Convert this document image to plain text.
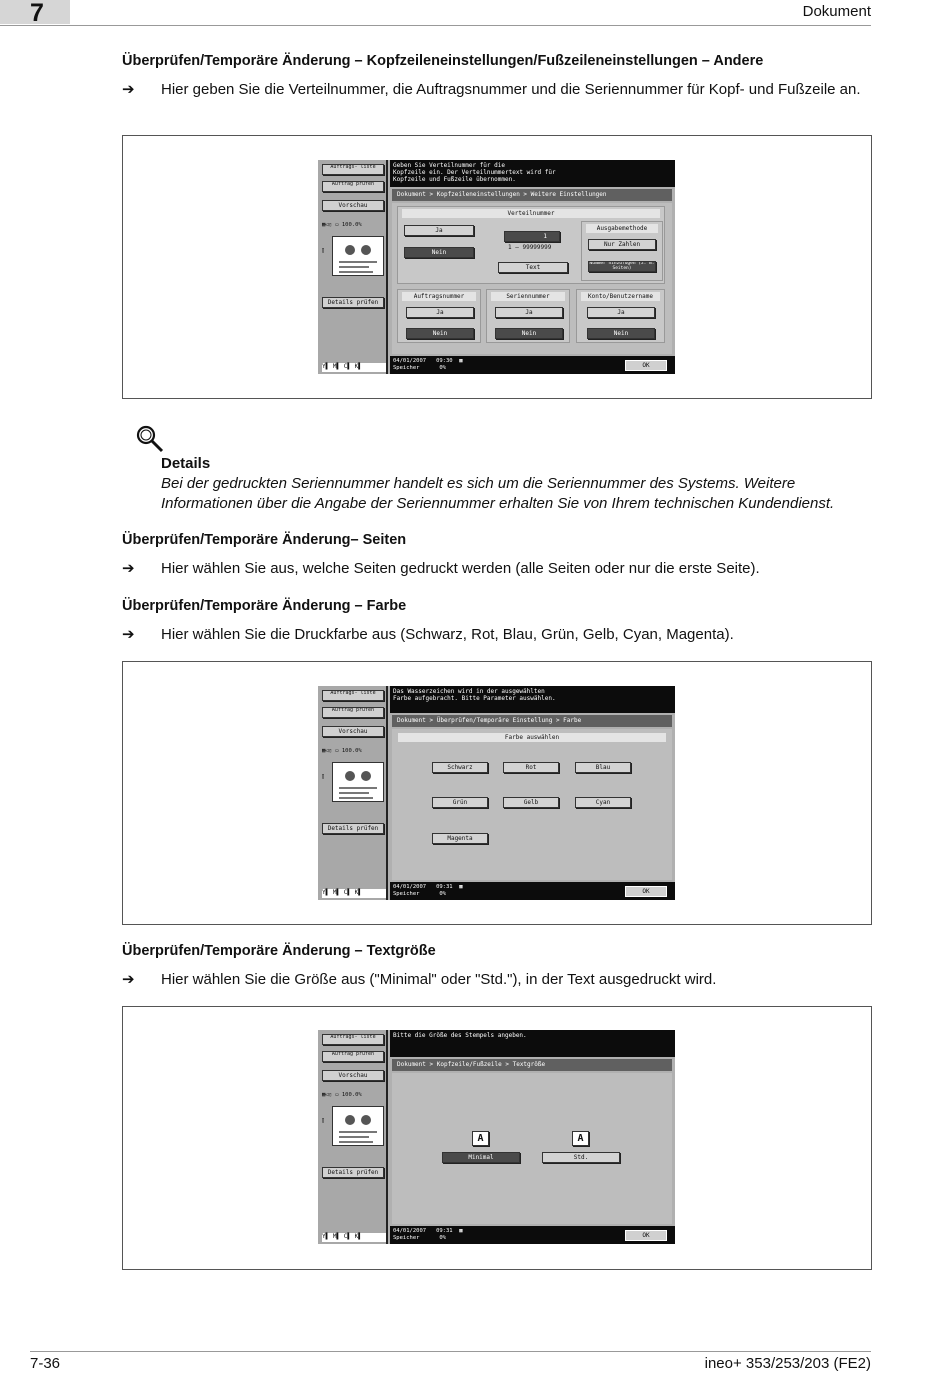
7	Dokument
Überprüfen/Temporäre Änderung – Kopfzeileneinstellungen/Fußzeileneinstellungen – Andere
➔ Hier geben Sie die Verteilnummer, die Auftragsnummer und die Seriennummer für Kopf- und Fußzeile an.
Auftrags- liste
Auftrag prüfen
Vorschau
▦◁▯ ▭ 100.0%
▯
Details prüfen
Y▌ M▌ C▌ K▌
Geben Sie Verteilnummer für die
Kopfzeile ein. Der Verteilnummertext wird für
Kopfzeile und Fußzeile übernommen.
Dokument > Kopfzeileneinstellungen > Weitere Einstellungen
Verteilnummer
Ja
Nein
1
1 – 99999999
Text
Ausgabemethode
Nur Zahlen
Nummer hinzufügen (z. B. Seiten)
Auftragsnummer
Ja
Nein
Seriennummer
Ja
Nein
Konto/Benutzername
Ja
Nein
04/01/2007 09:30 ▩
Speicher	0%	OK
Details
Bei der gedruckten Seriennummer handelt es sich um die Seriennummer des Systems. Weitere Informationen über die Angabe der Seriennummer erhalten Sie von Ihrem technischen Kundendienst.
Überprüfen/Temporäre Änderung– Seiten
➔ Hier wählen Sie aus, welche Seiten gedruckt werden (alle Seiten oder nur die erste Seite).
Überprüfen/Temporäre Änderung – Farbe
➔ Hier wählen Sie die Druckfarbe aus (Schwarz, Rot, Blau, Grün, Gelb, Cyan, Magenta).
Auftrags- liste
Auftrag prüfen
Vorschau
▦◁▯ ▭ 100.0%
▯
Details prüfen
Y▌ M▌ C▌ K▌
Das Wasserzeichen wird in der ausgewählten
Farbe aufgebracht. Bitte Parameter auswählen.
Dokument > Überprüfen/Temporäre Einstellung > Farbe
Farbe auswählen
Schwarz	Rot	Blau
Grün	Gelb	Cyan
Magenta
04/01/2007 09:31 ▩
Speicher	0%	OK
Überprüfen/Temporäre Änderung – Textgröße
➔ Hier wählen Sie die Größe aus ("Minimal" oder "Std."), in der Text ausgedruckt wird.
Auftrags- liste
Auftrag prüfen
Vorschau
▦◁▯ ▭ 100.0%
▯
Details prüfen
Y▌ M▌ C▌ K▌
Bitte die Größe des Stempels angeben.
Dokument > Kopfzeile/Fußzeile > Textgröße
A
Minimal
A
Std.
04/01/2007 09:31 ▩
Speicher	0%	OK
7-36	ineo+ 353/253/203 (FE2)
